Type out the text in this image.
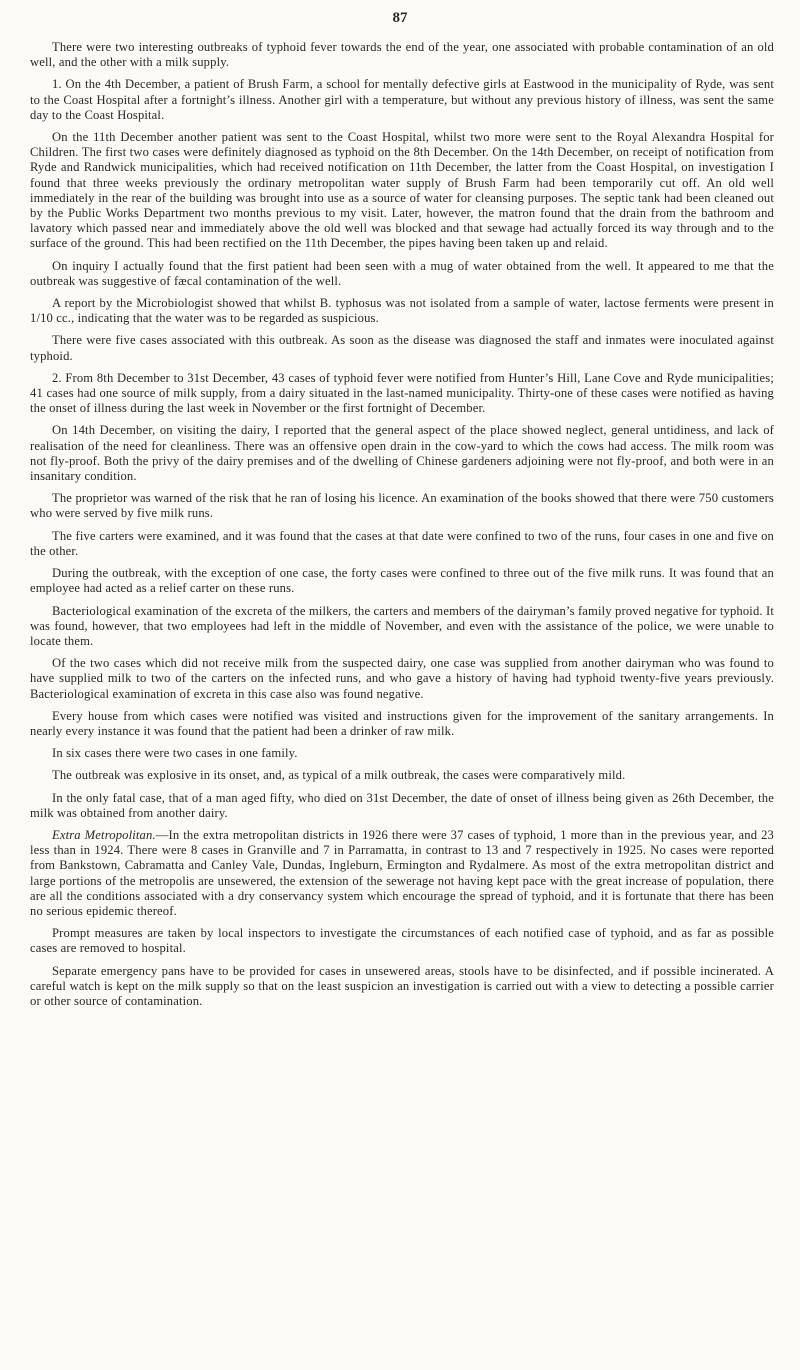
87

There were two interesting outbreaks of typhoid fever towards the end of the year, one associated with probable contamination of an old well, and the other with a milk supply.

1. On the 4th December, a patient of Brush Farm, a school for mentally defective girls at Eastwood in the municipality of Ryde, was sent to the Coast Hospital after a fortnight’s illness. Another girl with a temperature, but without any previous history of illness, was sent the same day to the Coast Hospital.

On the 11th December another patient was sent to the Coast Hospital, whilst two more were sent to the Royal Alexandra Hospital for Children. The first two cases were definitely diagnosed as typhoid on the 8th December. On the 14th December, on receipt of notification from Ryde and Randwick municipalities, which had received notification on 11th December, the latter from the Coast Hospital, on investigation I found that three weeks previously the ordinary metropolitan water supply of Brush Farm had been temporarily cut off. An old well immediately in the rear of the building was brought into use as a source of water for cleansing purposes. The septic tank had been cleaned out by the Public Works Department two months previous to my visit. Later, however, the matron found that the drain from the bathroom and lavatory which passed near and immediately above the old well was blocked and that sewage had actually forced its way through and to the surface of the ground. This had been rectified on the 11th December, the pipes having been taken up and relaid.

On inquiry I actually found that the first patient had been seen with a mug of water obtained from the well. It appeared to me that the outbreak was suggestive of fæcal contamination of the well.

A report by the Microbiologist showed that whilst B. typhosus was not isolated from a sample of water, lactose ferments were present in 1/10 cc., indicating that the water was to be regarded as suspicious.

There were five cases associated with this outbreak. As soon as the disease was diagnosed the staff and inmates were inoculated against typhoid.

2. From 8th December to 31st December, 43 cases of typhoid fever were notified from Hunter’s Hill, Lane Cove and Ryde municipalities; 41 cases had one source of milk supply, from a dairy situated in the last-named municipality. Thirty-one of these cases were notified as having the onset of illness during the last week in November or the first fortnight of December.

On 14th December, on visiting the dairy, I reported that the general aspect of the place showed neglect, general untidiness, and lack of realisation of the need for cleanliness. There was an offensive open drain in the cow-yard to which the cows had access. The milk room was not fly-proof. Both the privy of the dairy premises and of the dwelling of Chinese gardeners adjoining were not fly-proof, and both were in an insanitary condition.

The proprietor was warned of the risk that he ran of losing his licence. An examination of the books showed that there were 750 customers who were served by five milk runs.

The five carters were examined, and it was found that the cases at that date were confined to two of the runs, four cases in one and five on the other.

During the outbreak, with the exception of one case, the forty cases were confined to three out of the five milk runs. It was found that an employee had acted as a relief carter on these runs.

Bacteriological examination of the excreta of the milkers, the carters and members of the dairyman’s family proved negative for typhoid. It was found, however, that two employees had left in the middle of November, and even with the assistance of the police, we were unable to locate them.

Of the two cases which did not receive milk from the suspected dairy, one case was supplied from another dairyman who was found to have supplied milk to two of the carters on the infected runs, and who gave a history of having had typhoid twenty-five years previously. Bacteriological examination of excreta in this case also was found negative.

Every house from which cases were notified was visited and instructions given for the improvement of the sanitary arrangements. In nearly every instance it was found that the patient had been a drinker of raw milk.

In six cases there were two cases in one family.

The outbreak was explosive in its onset, and, as typical of a milk outbreak, the cases were comparatively mild.

In the only fatal case, that of a man aged fifty, who died on 31st December, the date of onset of illness being given as 26th December, the milk was obtained from another dairy.

Extra Metropolitan.—In the extra metropolitan districts in 1926 there were 37 cases of typhoid, 1 more than in the previous year, and 23 less than in 1924. There were 8 cases in Granville and 7 in Parramatta, in contrast to 13 and 7 respectively in 1925. No cases were reported from Bankstown, Cabramatta and Canley Vale, Dundas, Ingleburn, Ermington and Rydalmere. As most of the extra metropolitan district and large portions of the metropolis are unsewered, the extension of the sewerage not having kept pace with the great increase of population, there are all the conditions associated with a dry conservancy system which encourage the spread of typhoid, and it is fortunate that there has been no serious epidemic thereof.

Prompt measures are taken by local inspectors to investigate the circumstances of each notified case of typhoid, and as far as possible cases are removed to hospital.

Separate emergency pans have to be provided for cases in unsewered areas, stools have to be disinfected, and if possible incinerated. A careful watch is kept on the milk supply so that on the least suspicion an investigation is carried out with a view to detecting a possible carrier or other source of contamination.
